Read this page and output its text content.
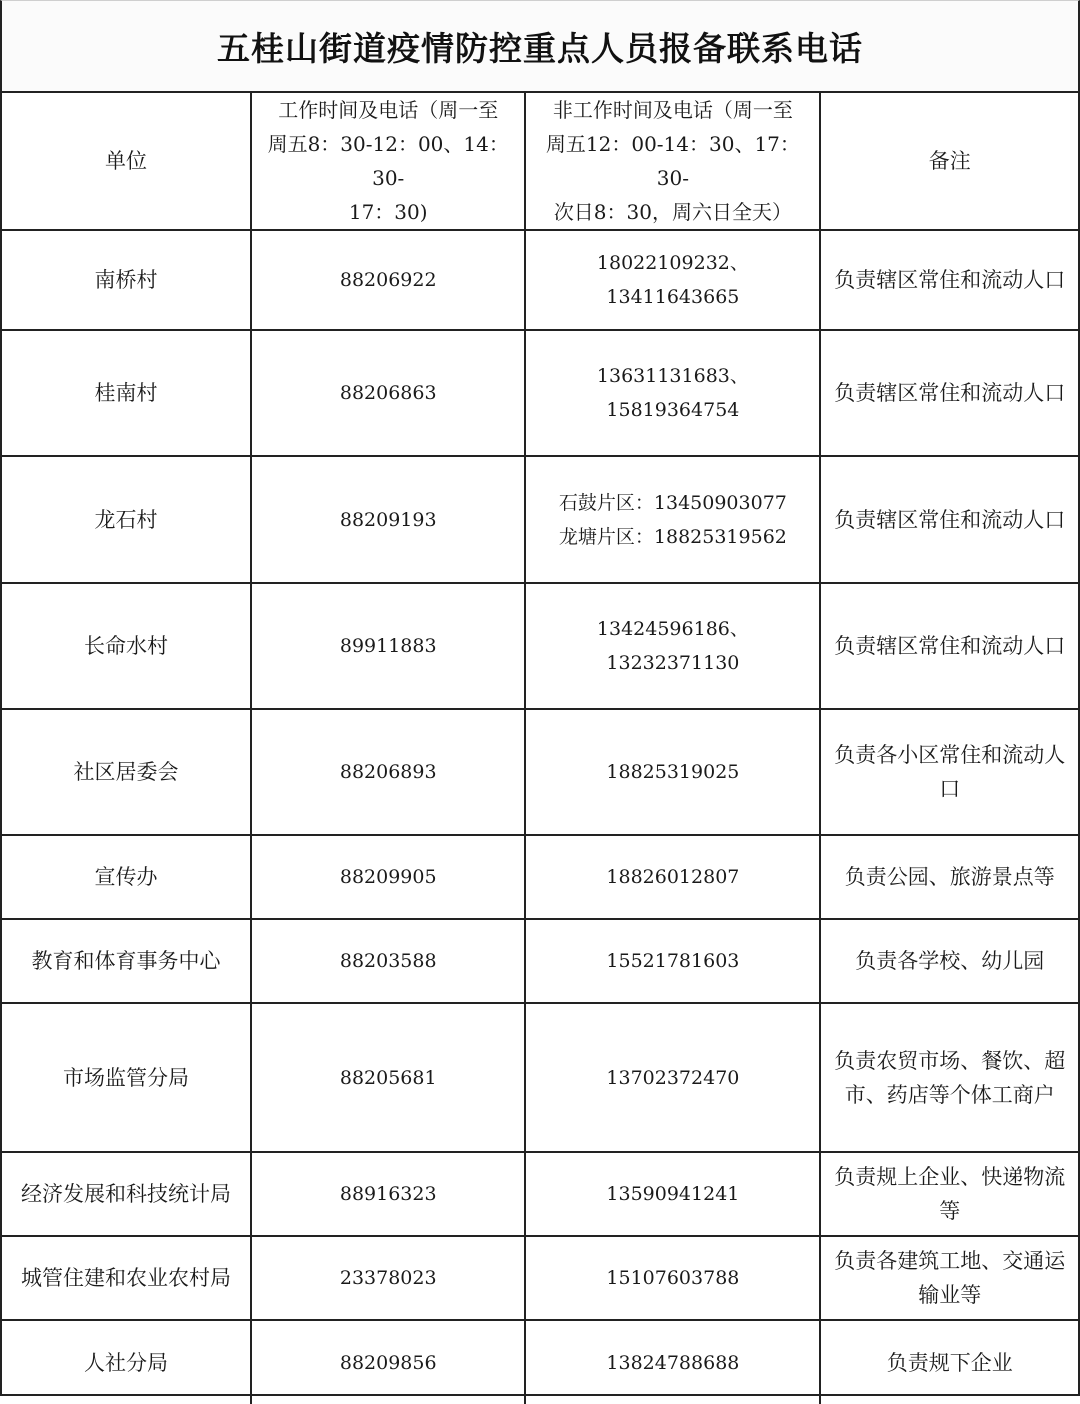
五桂山街道疫情防控重点人员报备联系电话
单位	工作时间及电话（周一至
周五8：30-12：00、14：30-
17：30)	非工作时间及电话（周一至
周五12：00-14：30、17：30-
次日8：30，周六日全天）	备注
南桥村	88206922	18022109232、13411643665	负责辖区常住和流动人口

桂南村	88206863	13631131683、15819364754	负责辖区常住和流动人口

龙石村	88209193	石鼓片区：13450903077
龙塘片区：18825319562	负责辖区常住和流动人口

长命水村	89911883	13424596186、13232371130	负责辖区常住和流动人口

社区居委会	88206893	18825319025	负责各小区常住和流动人
口

宣传办	88209905	18826012807	负责公园、旅游景点等

教育和体育事务中心	88203588	15521781603	负责各学校、幼儿园

市场监管分局	88205681	13702372470	负责农贸市场、餐饮、超
市、药店等个体工商户

经济发展和科技统计局	88916323	13590941241	负责规上企业、快递物流
等

城管住建和农业农村局	23378023	15107603788	负责各建筑工地、交通运
输业等

人社分局	88209856	13824788688	负责规下企业
